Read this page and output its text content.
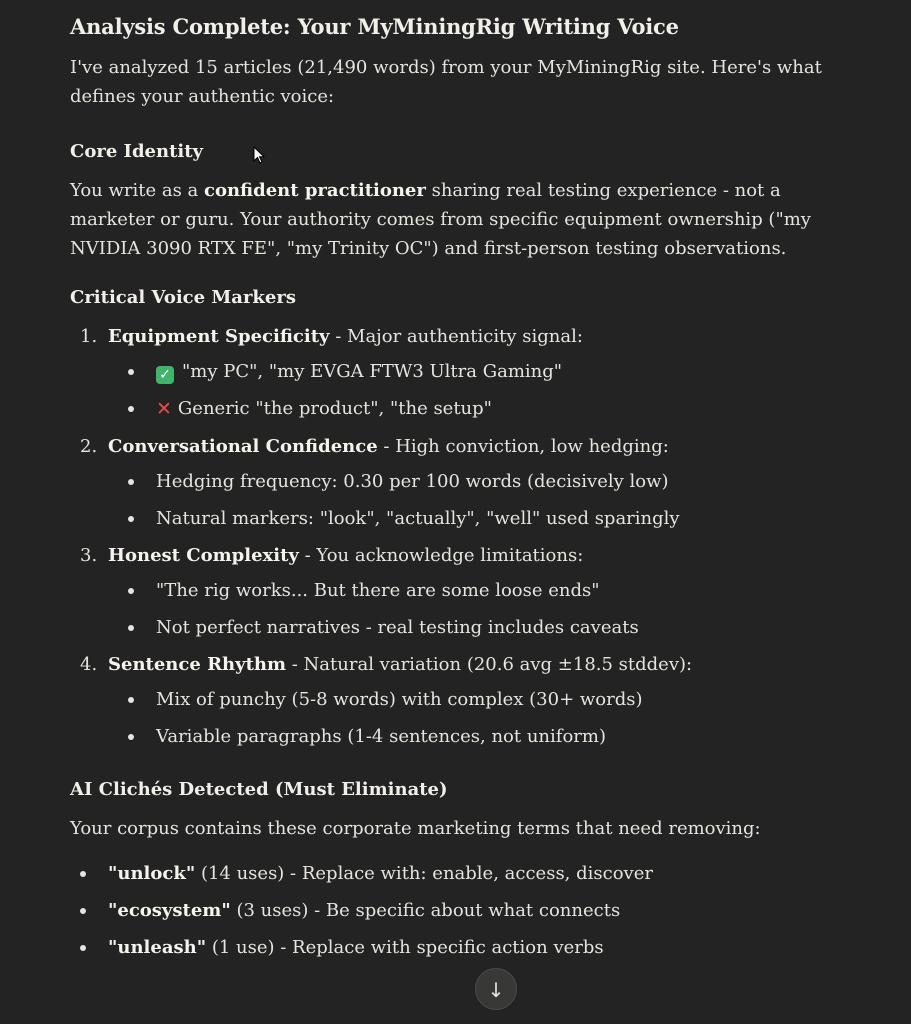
Analysis Complete: Your MyMiningRig Writing Voice

I've analyzed 15 articles (21,490 words) from your MyMiningRig site. Here's what defines your authentic voice:

Core Identity

You write as a confident practitioner sharing real testing experience - not a marketer or guru. Your authority comes from specific equipment ownership ("my NVIDIA 3090 RTX FE", "my Trinity OC") and first-person testing observations.

Critical Voice Markers
1. Equipment Specificity - Major authenticity signal:
✓ "my PC", "my EVGA FTW3 Ultra Gaming"
✕ Generic "the product", "the setup"
2. Conversational Confidence - High conviction, low hedging:
Hedging frequency: 0.30 per 100 words (decisively low)
Natural markers: "look", "actually", "well" used sparingly
3. Honest Complexity - You acknowledge limitations:
"The rig works... But there are some loose ends"
Not perfect narratives - real testing includes caveats
4. Sentence Rhythm - Natural variation (20.6 avg ±18.5 stddev):
Mix of punchy (5-8 words) with complex (30+ words)
Variable paragraphs (1-4 sentences, not uniform)
AI Clichés Detected (Must Eliminate)

Your corpus contains these corporate marketing terms that need removing:

"unlock" (14 uses) - Replace with: enable, access, discover
"ecosystem" (3 uses) - Be specific about what connects
"unleash" (1 use) - Replace with specific action verbs
↓
